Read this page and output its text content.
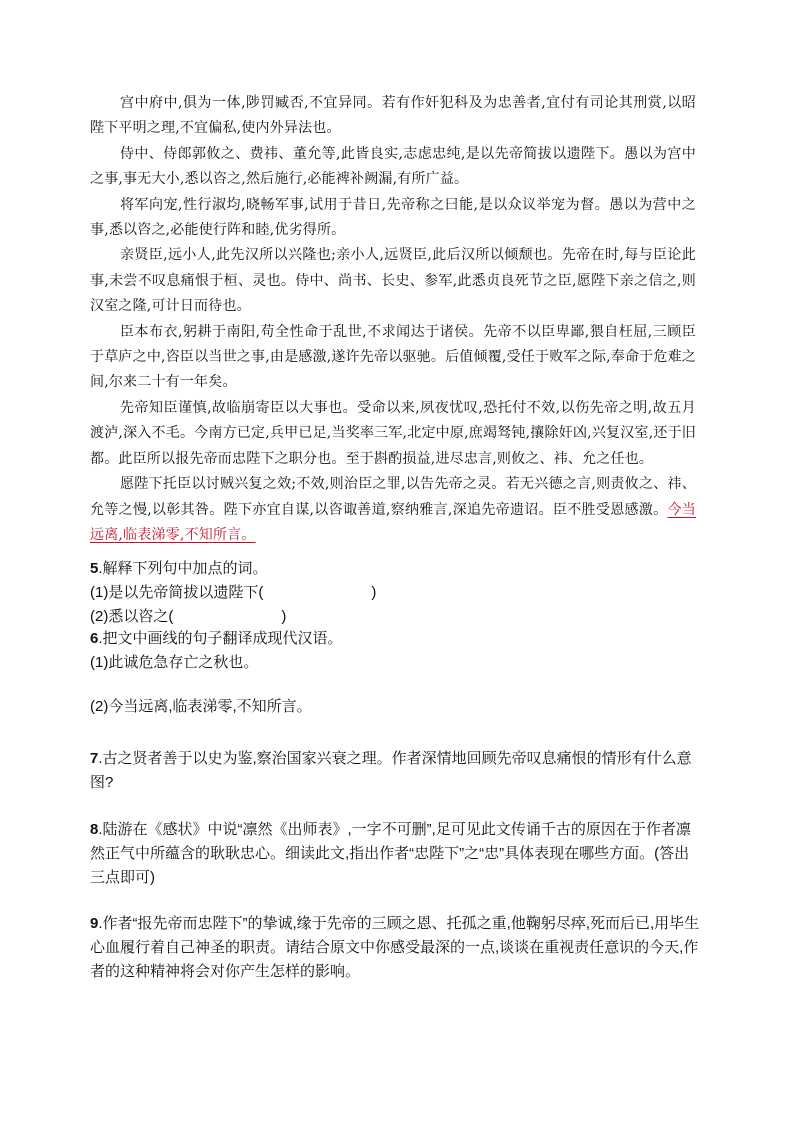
宫中府中,俱为一体,陟罚臧否,不宜异同。若有作奸犯科及为忠善者,宜付有司论其刑赏,以昭陛下平明之理,不宜偏私,使内外异法也。

侍中、侍郎郭攸之、费祎、董允等,此皆良实,志虑忠纯,是以先帝简拔以遗陛下。愚以为宫中之事,事无大小,悉以咨之,然后施行,必能裨补阙漏,有所广益。

将军向宠,性行淑均,晓畅军事,试用于昔日,先帝称之曰能,是以众议举宠为督。愚以为营中之事,悉以咨之,必能使行阵和睦,优劣得所。

亲贤臣,远小人,此先汉所以兴隆也;亲小人,远贤臣,此后汉所以倾颓也。先帝在时,每与臣论此事,未尝不叹息痛恨于桓、灵也。侍中、尚书、长史、参军,此悉贞良死节之臣,愿陛下亲之信之,则汉室之隆,可计日而待也。

臣本布衣,躬耕于南阳,苟全性命于乱世,不求闻达于诸侯。先帝不以臣卑鄙,猥自枉屈,三顾臣于草庐之中,咨臣以当世之事,由是感激,遂许先帝以驱驰。后值倾覆,受任于败军之际,奉命于危难之间,尔来二十有一年矣。

先帝知臣谨慎,故临崩寄臣以大事也。受命以来,夙夜忧叹,恐托付不效,以伤先帝之明,故五月渡泸,深入不毛。今南方已定,兵甲已足,当奖率三军,北定中原,庶竭驽钝,攘除奸凶,兴复汉室,还于旧都。此臣所以报先帝而忠陛下之职分也。至于斟酌损益,进尽忠言,则攸之、祎、允之任也。

愿陛下托臣以讨贼兴复之效;不效,则治臣之罪,以告先帝之灵。若无兴德之言,则责攸之、祎、允等之慢,以彰其咎。陛下亦宜自谋,以咨诹善道,察纳雅言,深追先帝遗诏。臣不胜受恩感激。今当远离,临表涕零,不知所言。

5.解释下列句中加点的词。
(1)是以先帝简拔以遗陛下(	)
(2)悉以咨之(	)
6.把文中画线的句子翻译成现代汉语。
(1)此诚危急存亡之秋也。
(2)今当远离,临表涕零,不知所言。
7.古之贤者善于以史为鉴,察治国家兴衰之理。作者深情地回顾先帝叹息痛恨的情形有什么意图?
8.陆游在《感状》中说“凛然《出师表》,一字不可删”,足可见此文传诵千古的原因在于作者凛然正气中所蕴含的耿耿忠心。细读此文,指出作者“忠陛下”之“忠”具体表现在哪些方面。(答出三点即可)
9.作者“报先帝而忠陛下”的挚诚,缘于先帝的三顾之恩、托孤之重,他鞠躬尽瘁,死而后已,用毕生心血履行着自己神圣的职责。请结合原文中你感受最深的一点,谈谈在重视责任意识的今天,作者的这种精神将会对你产生怎样的影响。
